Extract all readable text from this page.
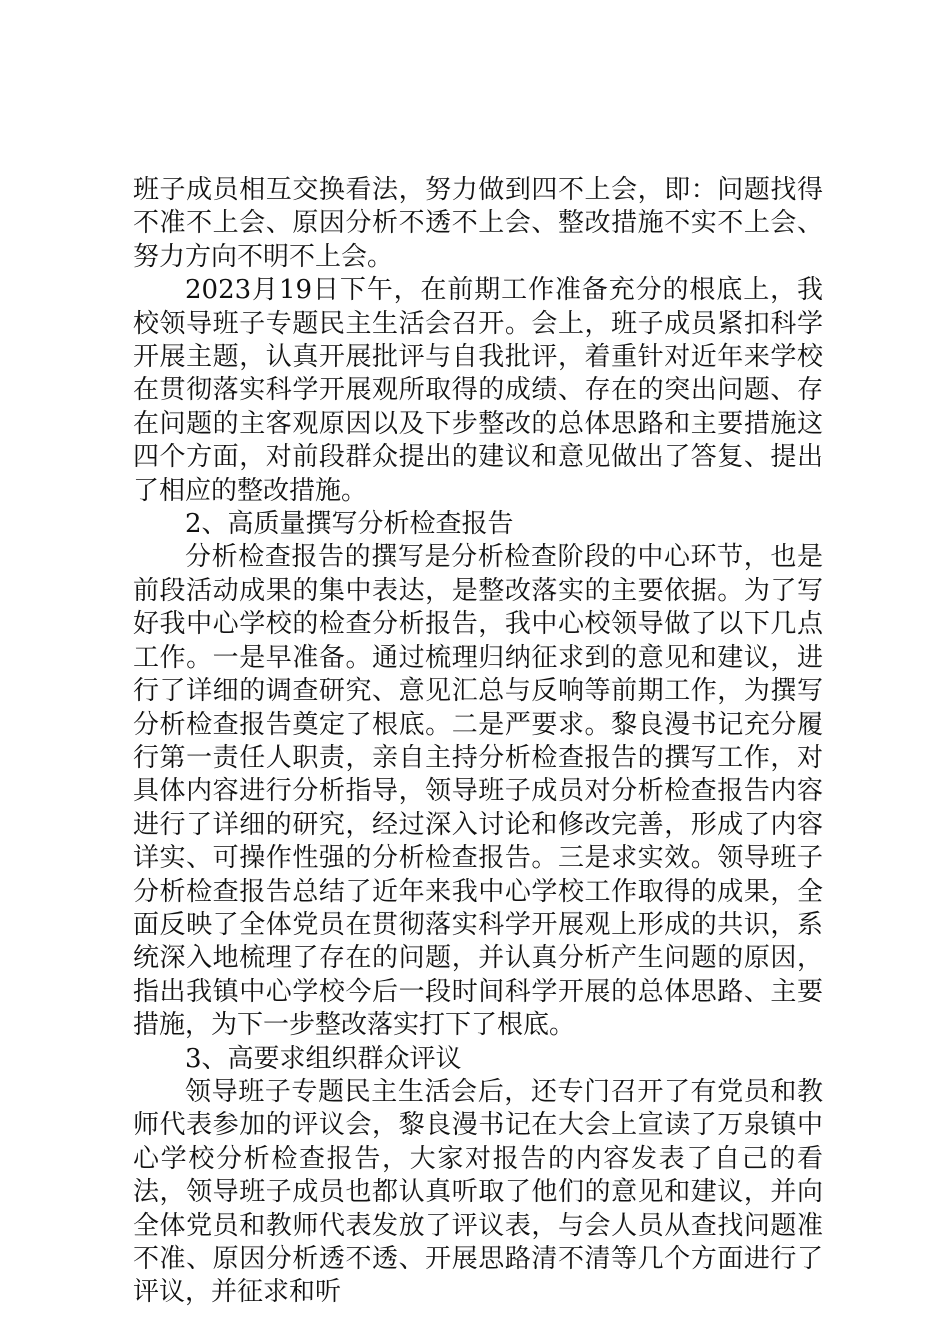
班子成员相互交换看法，努力做到四不上会，即：问题找得不准不上会、原因分析不透不上会、整改措施不实不上会、努力方向不明不上会。

2023月19日下午，在前期工作准备充分的根底上，我校领导班子专题民主生活会召开。会上，班子成员紧扣科学开展主题，认真开展批评与自我批评，着重针对近年来学校在贯彻落实科学开展观所取得的成绩、存在的突出问题、存在问题的主客观原因以及下步整改的总体思路和主要措施这四个方面，对前段群众提出的建议和意见做出了答复、提出了相应的整改措施。

2、高质量撰写分析检查报告

分析检查报告的撰写是分析检查阶段的中心环节，也是前段活动成果的集中表达，是整改落实的主要依据。为了写好我中心学校的检查分析报告，我中心校领导做了以下几点工作。一是早准备。通过梳理归纳征求到的意见和建议，进行了详细的调查研究、意见汇总与反响等前期工作，为撰写分析检查报告奠定了根底。二是严要求。黎良漫书记充分履行第一责任人职责，亲自主持分析检查报告的撰写工作，对具体内容进行分析指导，领导班子成员对分析检查报告内容进行了详细的研究，经过深入讨论和修改完善，形成了内容详实、可操作性强的分析检查报告。三是求实效。领导班子分析检查报告总结了近年来我中心学校工作取得的成果，全面反映了全体党员在贯彻落实科学开展观上形成的共识，系统深入地梳理了存在的问题，并认真分析产生问题的原因，指出我镇中心学校今后一段时间科学开展的总体思路、主要措施，为下一步整改落实打下了根底。

3、高要求组织群众评议

领导班子专题民主生活会后，还专门召开了有党员和教师代表参加的评议会，黎良漫书记在大会上宣读了万泉镇中心学校分析检查报告，大家对报告的内容发表了自己的看法，领导班子成员也都认真听取了他们的意见和建议，并向全体党员和教师代表发放了评议表，与会人员从查找问题准不准、原因分析透不透、开展思路清不清等几个方面进行了评议，并征求和听
